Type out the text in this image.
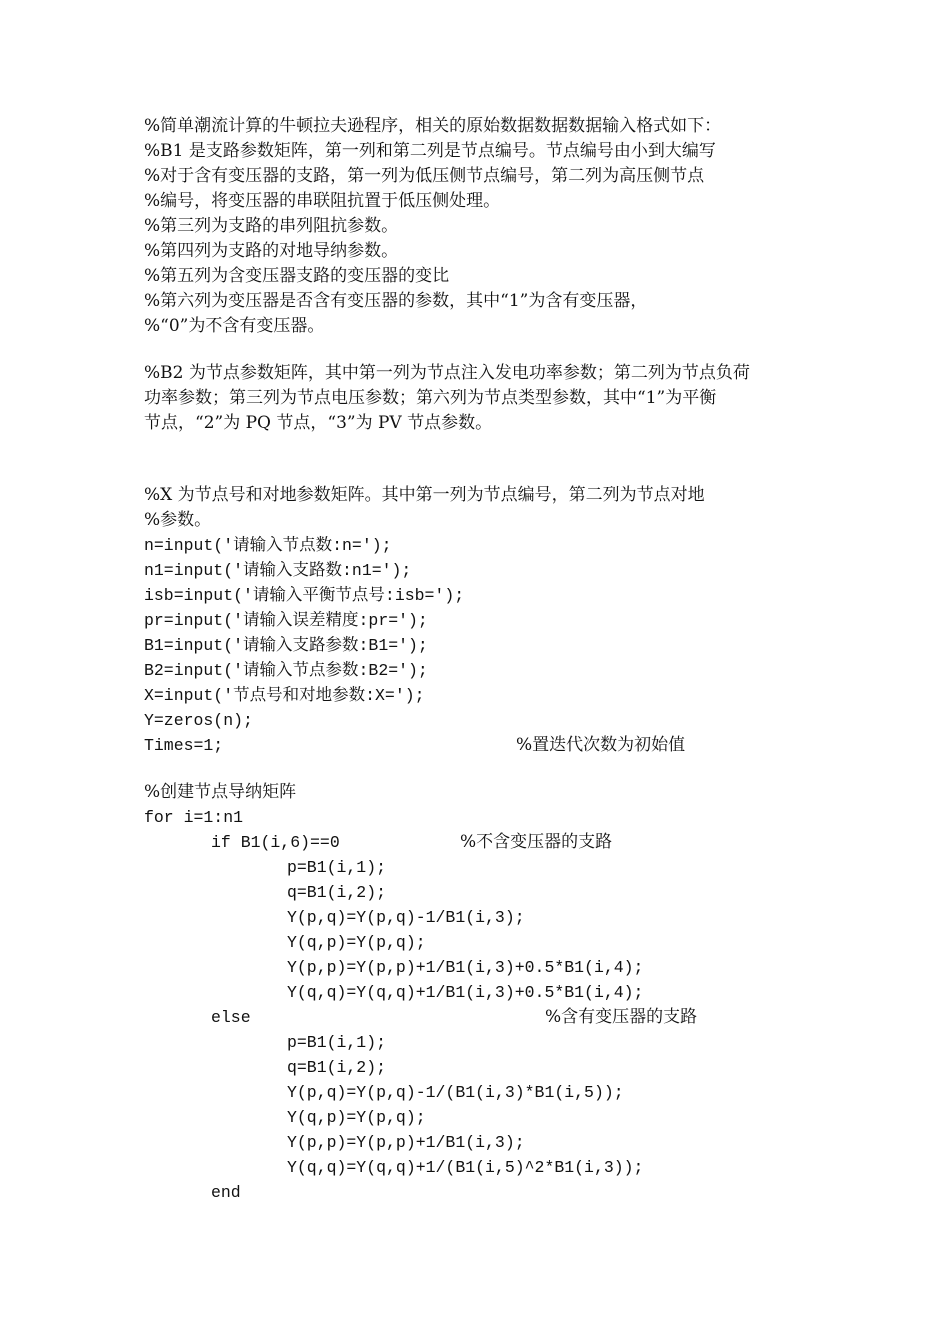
%简单潮流计算的牛顿拉夫逊程序，相关的原始数据数据数据输入格式如下：
%B1 是支路参数矩阵，第一列和第二列是节点编号。节点编号由小到大编写
%对于含有变压器的支路，第一列为低压侧节点编号，第二列为高压侧节点
%编号，将变压器的串联阻抗置于低压侧处理。
%第三列为支路的串列阻抗参数。
%第四列为支路的对地导纳参数。
%第五列为含变压器支路的变压器的变比
%第六列为变压器是否含有变压器的参数，其中“1”为含有变压器，
%“0”为不含有变压器。
%B2 为节点参数矩阵，其中第一列为节点注入发电功率参数；第二列为节点负荷
功率参数；第三列为节点电压参数；第六列为节点类型参数，其中“1”为平衡
节点，“2”为 PQ 节点，“3”为 PV 节点参数。
%X 为节点号和对地参数矩阵。其中第一列为节点编号，第二列为节点对地
%参数。
n=input('请输入节点数:n=');
n1=input('请输入支路数:n1=');
isb=input('请输入平衡节点号:isb=');
pr=input('请输入误差精度:pr=');
B1=input('请输入支路参数:B1=');
B2=input('请输入节点参数:B2=');
X=input('节点号和对地参数:X=');
Y=zeros(n);
Times=1;	%置迭代次数为初始值
%创建节点导纳矩阵
for i=1:n1
if B1(i,6)==0	%不含变压器的支路
p=B1(i,1);
q=B1(i,2);
Y(p,q)=Y(p,q)-1/B1(i,3);
Y(q,p)=Y(p,q);
Y(p,p)=Y(p,p)+1/B1(i,3)+0.5*B1(i,4);
Y(q,q)=Y(q,q)+1/B1(i,3)+0.5*B1(i,4);
else	%含有变压器的支路
p=B1(i,1);
q=B1(i,2);
Y(p,q)=Y(p,q)-1/(B1(i,3)*B1(i,5));
Y(q,p)=Y(p,q);
Y(p,p)=Y(p,p)+1/B1(i,3);
Y(q,q)=Y(q,q)+1/(B1(i,5)^2*B1(i,3));
end
